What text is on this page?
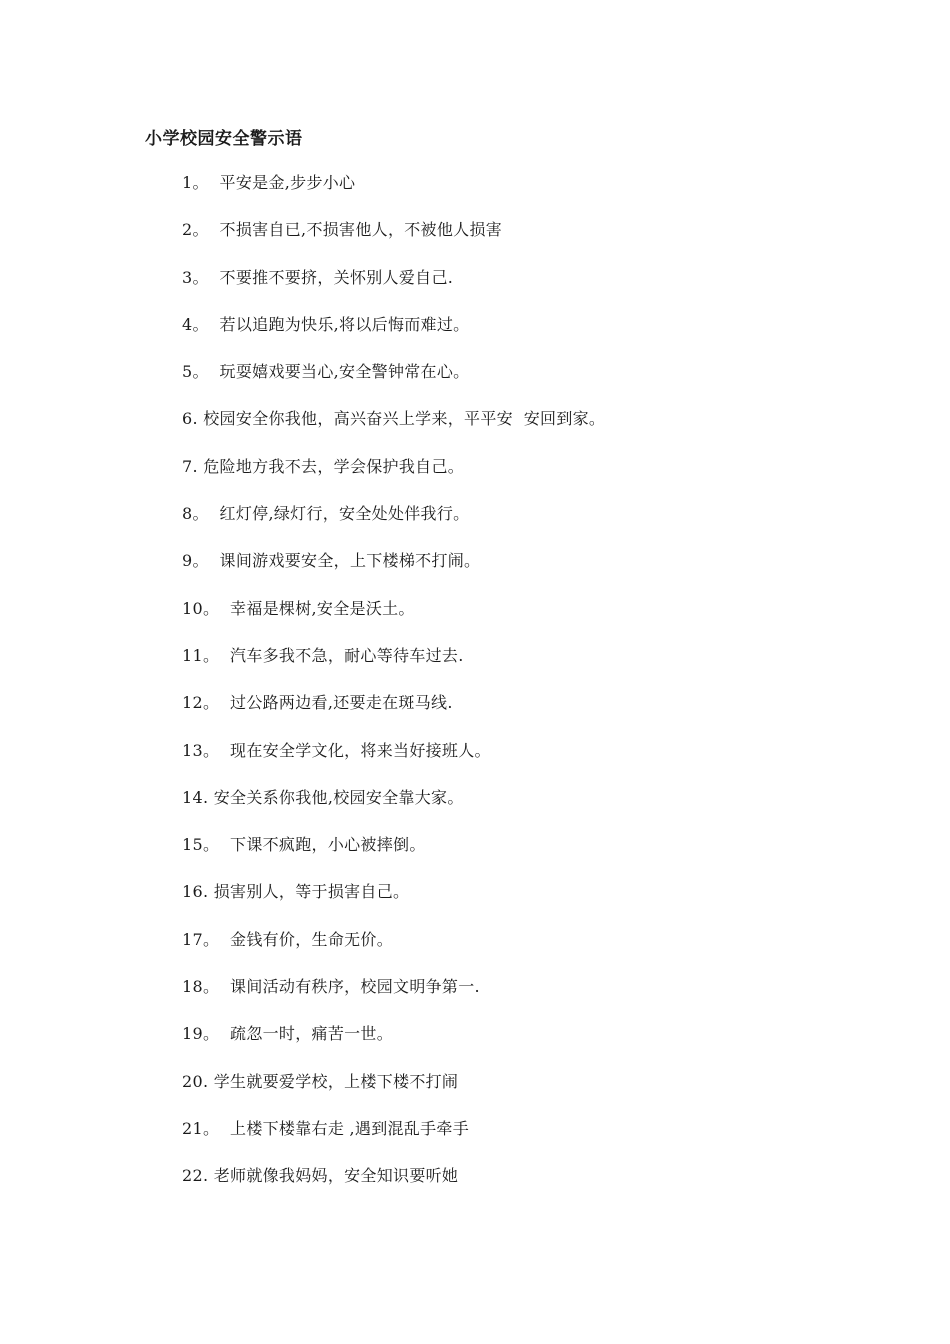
小学校园安全警示语
1。  平安是金,步步小心
2。  不损害自已,不损害他人，不被他人损害
3。  不要推不要挤，关怀别人爱自己.
4。  若以追跑为快乐,将以后悔而难过。
5。  玩耍嬉戏要当心,安全警钟常在心。
6. 校园安全你我他，高兴奋兴上学来，平平安  安回到家。
7. 危险地方我不去，学会保护我自己。
8。  红灯停,绿灯行，安全处处伴我行。
9。  课间游戏要安全，上下楼梯不打闹。
10。  幸福是棵树,安全是沃土。
11。  汽车多我不急，耐心等待车过去.
12。  过公路两边看,还要走在斑马线.
13。  现在安全学文化，将来当好接班人。
14. 安全关系你我他,校园安全靠大家。
15。  下课不疯跑，小心被摔倒。
16. 损害别人，等于损害自己。
17。  金钱有价，生命无价。
18。  课间活动有秩序，校园文明争第一.
19。  疏忽一时，痛苦一世。
20. 学生就要爱学校，上楼下楼不打闹
21。  上楼下楼靠右走 ,遇到混乱手牵手
22. 老师就像我妈妈，安全知识要听她
